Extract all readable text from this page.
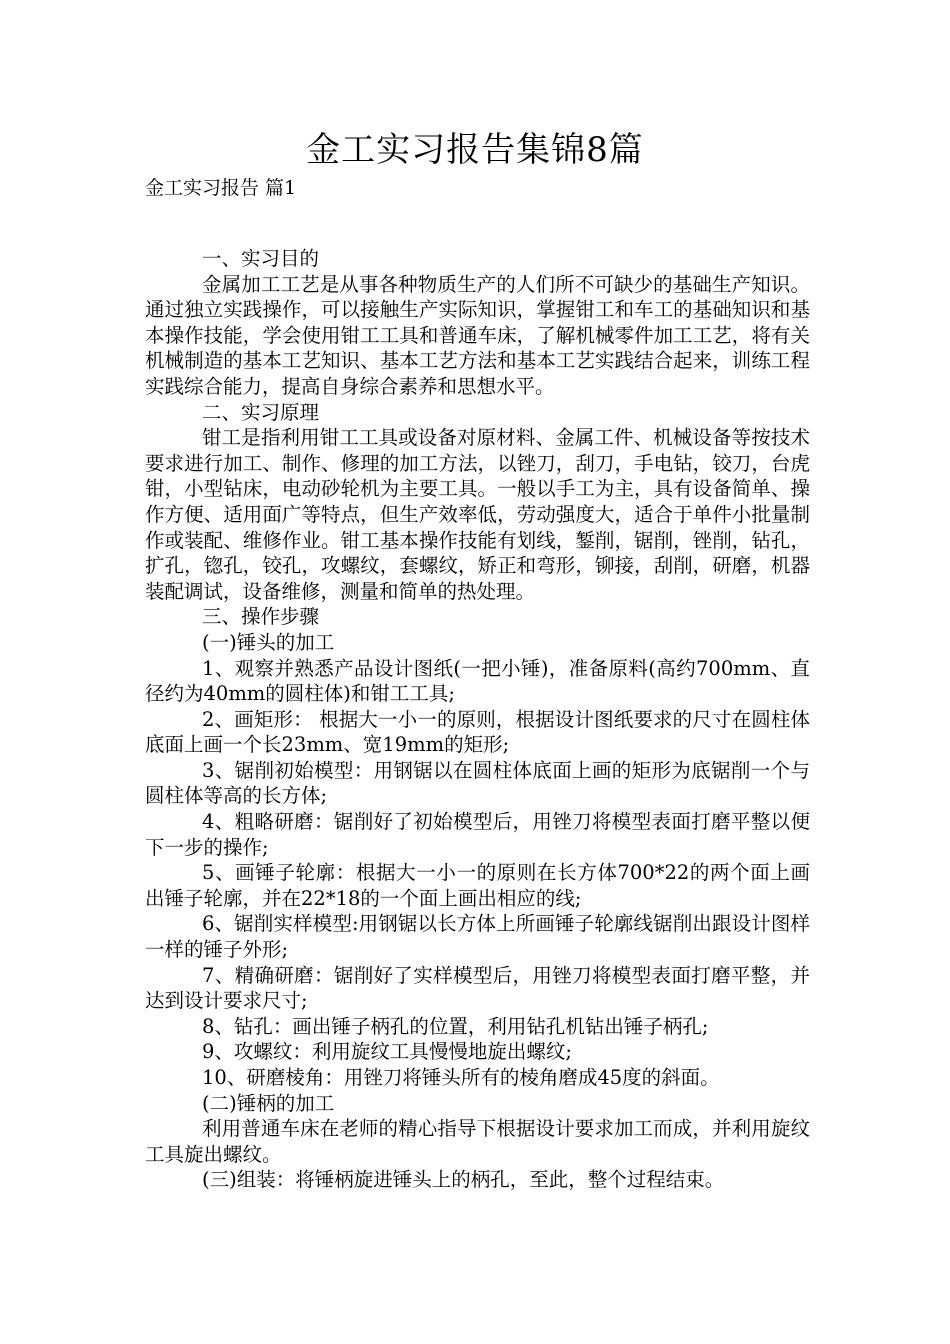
金工实习报告集锦8篇
金工实习报告 篇1

一、实习目的

金属加工工艺是从事各种物质生产的人们所不可缺少的基础生产知识。通过独立实践操作，可以接触生产实际知识，掌握钳工和车工的基础知识和基本操作技能，学会使用钳工工具和普通车床，了解机械零件加工工艺，将有关机械制造的基本工艺知识、基本工艺方法和基本工艺实践结合起来，训练工程实践综合能力，提高自身综合素养和思想水平。

二、实习原理

钳工是指利用钳工工具或设备对原材料、金属工件、机械设备等按技术要求进行加工、制作、修理的加工方法，以锉刀，刮刀，手电钻，铰刀，台虎钳，小型钻床，电动砂轮机为主要工具。一般以手工为主，具有设备简单、操作方便、适用面广等特点，但生产效率低，劳动强度大，适合于单件小批量制作或装配、维修作业。钳工基本操作技能有划线，錾削，锯削，锉削，钻孔，扩孔，锪孔，铰孔，攻螺纹，套螺纹，矫正和弯形，铆接，刮削，研磨，机器装配调试，设备维修，测量和简单的热处理。

三、操作步骤

(一)锤头的加工

1、观察并熟悉产品设计图纸(一把小锤)，准备原料(高约700mm、直径约为40mm的圆柱体)和钳工工具;

2、画矩形： 根据大一小一的原则，根据设计图纸要求的尺寸在圆柱体底面上画一个长23mm、宽19mm的矩形;

3、锯削初始模型：用钢锯以在圆柱体底面上画的矩形为底锯削一个与圆柱体等高的长方体;

4、粗略研磨：锯削好了初始模型后，用锉刀将模型表面打磨平整以便下一步的操作;

5、画锤子轮廓：根据大一小一的原则在长方体700*22的两个面上画出锤子轮廓，并在22*18的一个面上画出相应的线;

6、锯削实样模型:用钢锯以长方体上所画锤子轮廓线锯削出跟设计图样一样的锤子外形;

7、精确研磨：锯削好了实样模型后，用锉刀将模型表面打磨平整，并达到设计要求尺寸;

8、钻孔：画出锤子柄孔的位置，利用钻孔机钻出锤子柄孔;

9、攻螺纹：利用旋纹工具慢慢地旋出螺纹;

10、研磨棱角：用锉刀将锤头所有的棱角磨成45度的斜面。

(二)锤柄的加工

利用普通车床在老师的精心指导下根据设计要求加工而成，并利用旋纹工具旋出螺纹。

(三)组装：将锤柄旋进锤头上的柄孔，至此，整个过程结束。
